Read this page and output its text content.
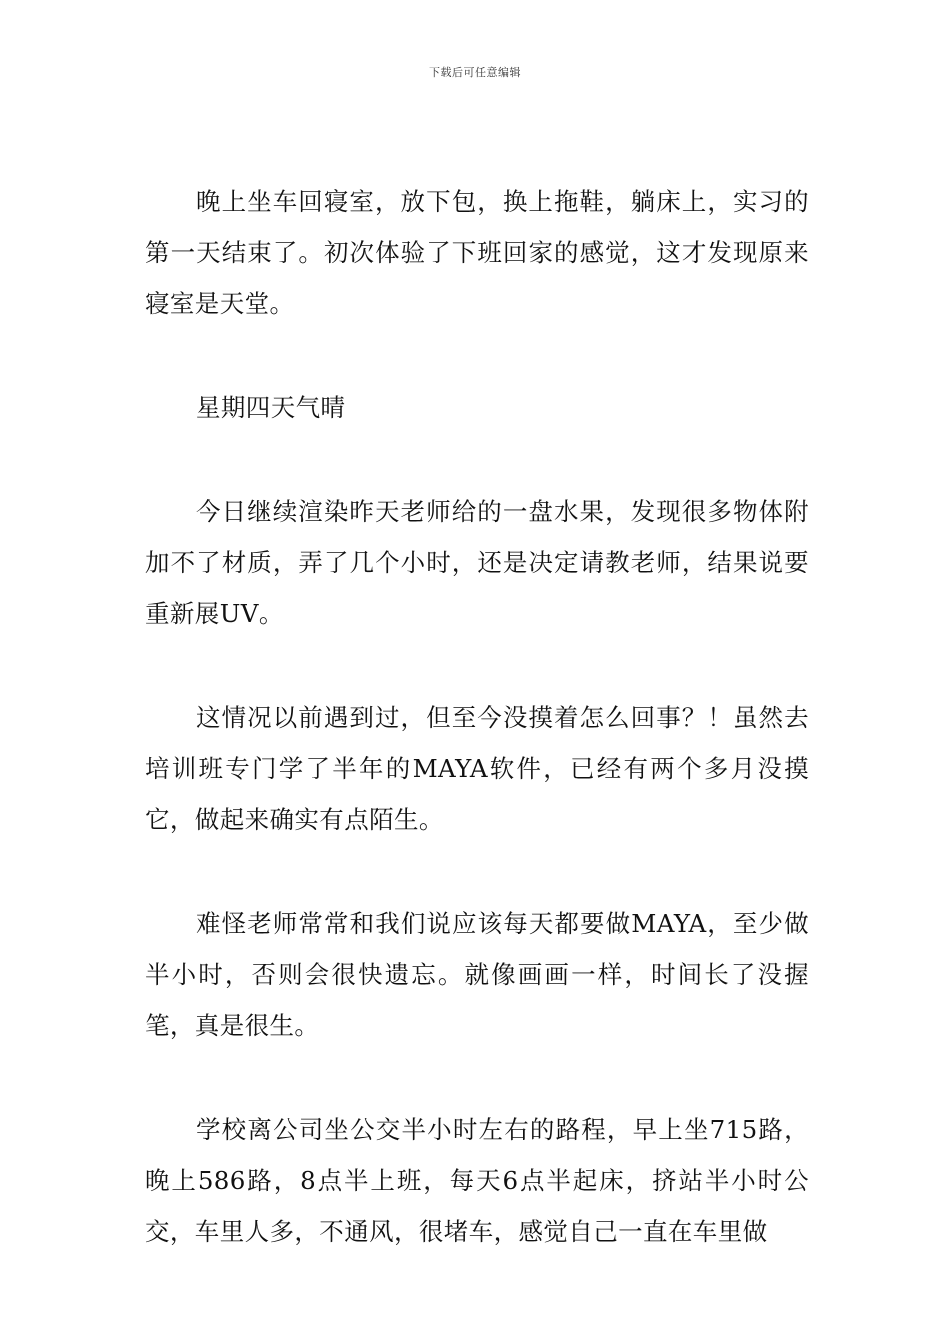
下载后可任意编辑

晚上坐车回寝室，放下包，换上拖鞋，躺床上，实习的第一天结束了。初次体验了下班回家的感觉，这才发现原来寝室是天堂。

星期四天气晴

今日继续渲染昨天老师给的一盘水果，发现很多物体附加不了材质，弄了几个小时，还是决定请教老师，结果说要重新展UV。

这情况以前遇到过，但至今没摸着怎么回事？！虽然去培训班专门学了半年的MAYA软件，已经有两个多月没摸它，做起来确实有点陌生。

难怪老师常常和我们说应该每天都要做MAYA，至少做半小时，否则会很快遗忘。就像画画一样，时间长了没握笔，真是很生。

学校离公司坐公交半小时左右的路程，早上坐715路，晚上586路，8点半上班，每天6点半起床，挤站半小时公交，车里人多，不通风，很堵车，感觉自己一直在车里做
